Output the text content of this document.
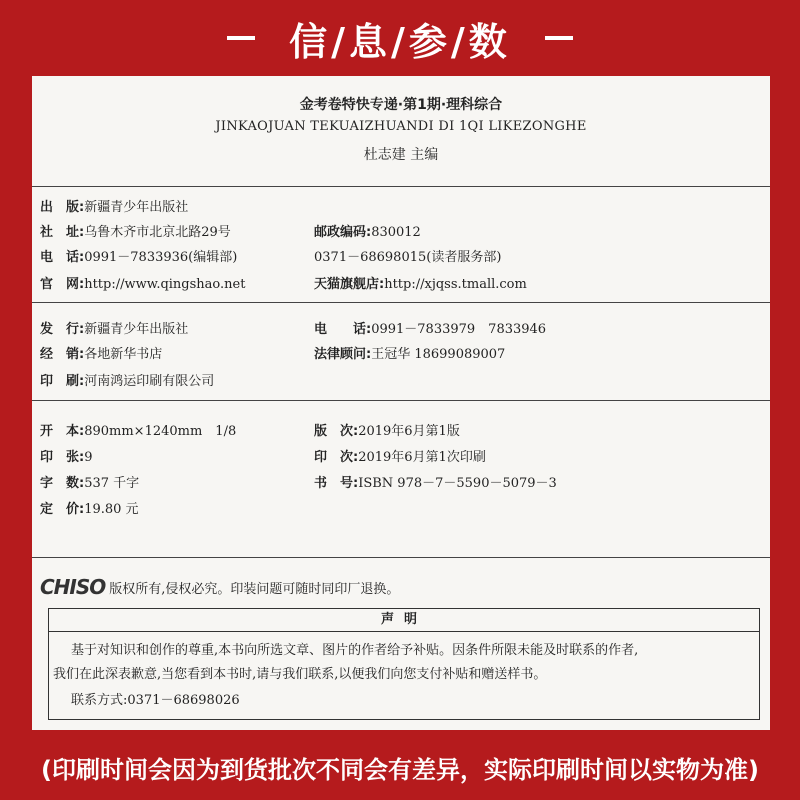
信/息/参/数
金考卷特快专递·第1期·理科综合
JINKAOJUAN TEKUAIZHUANDI DI 1QI LIKEZONGHE
杜志建 主编
出　版:新疆青少年出版社
社　址:乌鲁木齐市北京北路29号
电　话:0991－7833936(编辑部)
官　网:http://www.qingshao.net
邮政编码:830012
0371－68698015(读者服务部)
天猫旗舰店:http://xjqss.tmall.com
发　行:新疆青少年出版社
经　销:各地新华书店
印　刷:河南鸿运印刷有限公司
电　　话:0991－7833979　7833946
法律顾问:王冠华 18699089007
开　本:890mm×1240mm　1/8
印　张:9
字　数:537 千字
定　价:19.80 元
版　次:2019年6月第1版
印　次:2019年6月第1次印刷
书　号:ISBN 978－7－5590－5079－3
CHISO 版权所有,侵权必究。印装问题可随时同印厂退换。
声明
基于对知识和创作的尊重,本书向所选文章、图片的作者给予补贴。因条件所限未能及时联系的作者,
我们在此深表歉意,当您看到本书时,请与我们联系,以便我们向您支付补贴和赠送样书。
联系方式:0371－68698026
(印刷时间会因为到货批次不同会有差异，实际印刷时间以实物为准)
